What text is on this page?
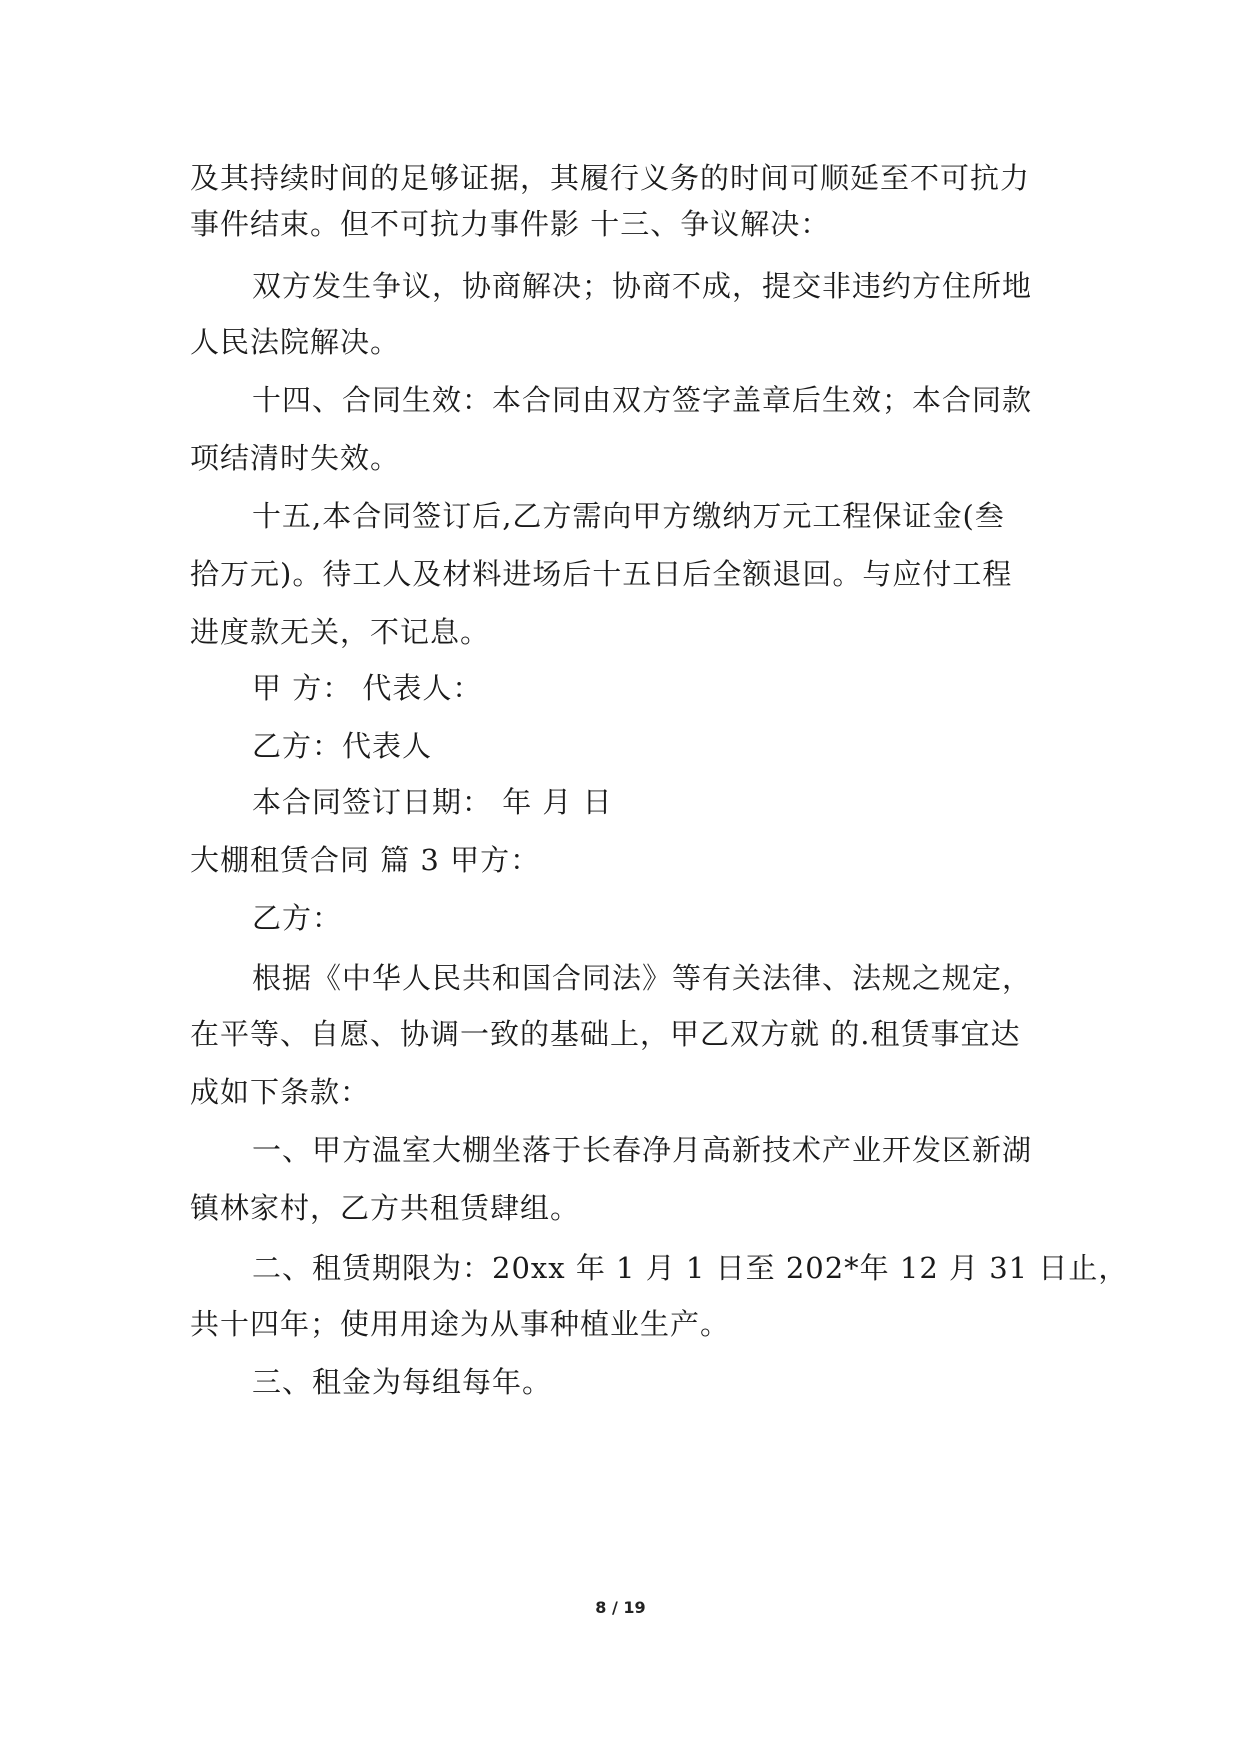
及其持续时间的足够证据，其履行义务的时间可顺延至不可抗力
事件结束。但不可抗力事件影 十三、争议解决：
双方发生争议，协商解决；协商不成，提交非违约方住所地
人民法院解决。
十四、合同生效：本合同由双方签字盖章后生效；本合同款
项结清时失效。
十五,本合同签订后,乙方需向甲方缴纳万元工程保证金(叁
拾万元)。待工人及材料进场后十五日后全额退回。与应付工程
进度款无关，不记息。
甲 方： 代表人：
乙方：代表人
本合同签订日期： 年 月 日
大棚租赁合同 篇 3 甲方：
乙方：
根据《中华人民共和国合同法》等有关法律、法规之规定，
在平等、自愿、协调一致的基础上，甲乙双方就 的.租赁事宜达
成如下条款：
一、甲方温室大棚坐落于长春净月高新技术产业开发区新湖
镇林家村，乙方共租赁肆组。
二、租赁期限为：20xx 年 1 月 1 日至 202*年 12 月 31 日止，
共十四年；使用用途为从事种植业生产。
三、租金为每组每年。
8 / 19
